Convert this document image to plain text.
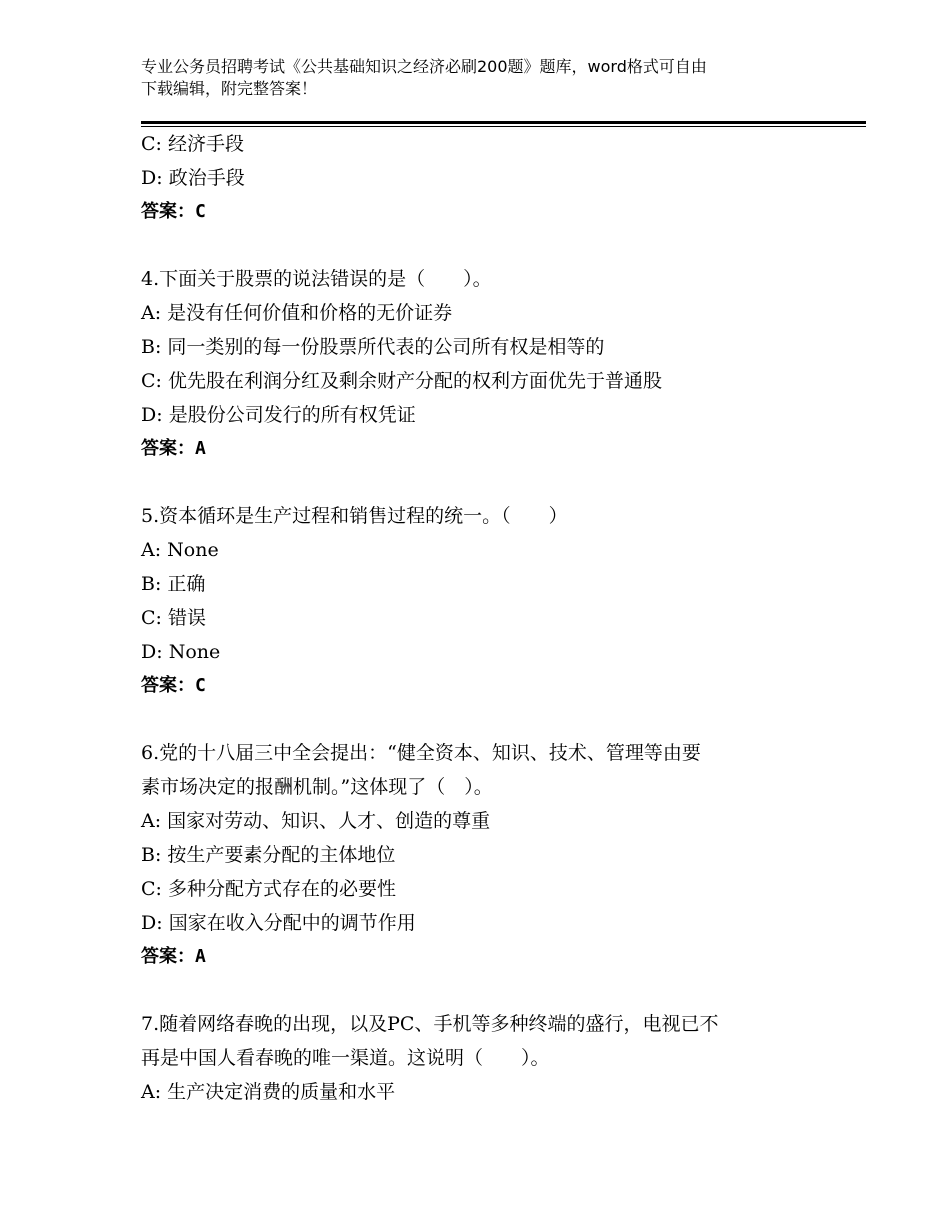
专业公务员招聘考试《公共基础知识之经济必刷200题》题库，word格式可自由
下载编辑，附完整答案！
C: 经济手段
D: 政治手段
答案：C
4.下面关于股票的说法错误的是（　　）。
A: 是没有任何价值和价格的无价证券
B: 同一类别的每一份股票所代表的公司所有权是相等的
C: 优先股在利润分红及剩余财产分配的权利方面优先于普通股
D: 是股份公司发行的所有权凭证
答案：A
5.资本循环是生产过程和销售过程的统一。（　　）
A: None
B: 正确
C: 错误
D: None
答案：C
6.党的十八届三中全会提出：“健全资本、知识、技术、管理等由要
素市场决定的报酬机制。”这体现了（　）。
A: 国家对劳动、知识、人才、创造的尊重
B: 按生产要素分配的主体地位
C: 多种分配方式存在的必要性
D: 国家在收入分配中的调节作用
答案：A
7.随着网络春晚的出现，以及PC、手机等多种终端的盛行，电视已不
再是中国人看春晚的唯一渠道。这说明（　　）。
A: 生产决定消费的质量和水平
